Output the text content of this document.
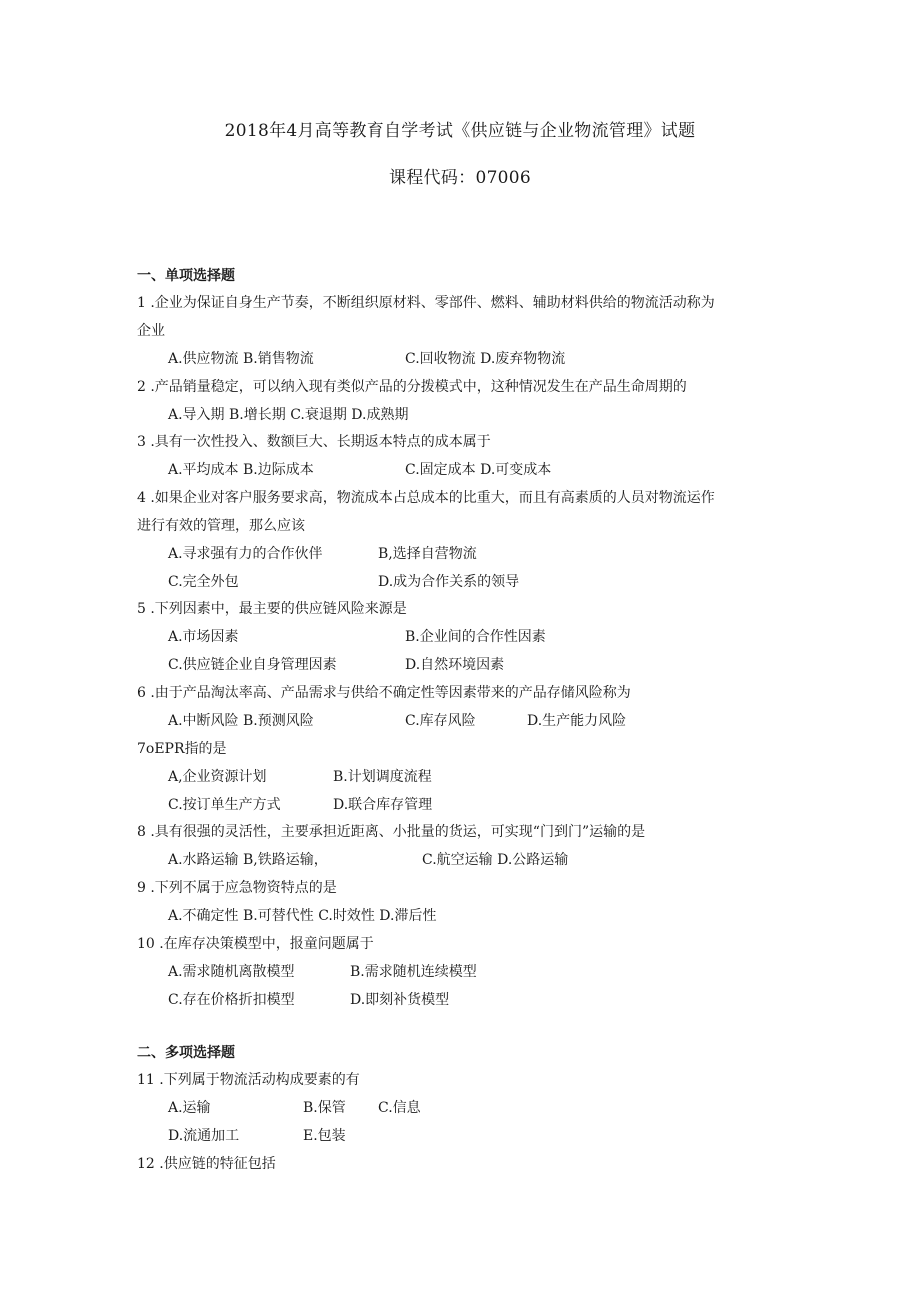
2018年4月高等教育自学考试《供应链与企业物流管理》试题
课程代码：07006
一、单项选择题
1 .企业为保证自身生产节奏，不断组织原材料、零部件、燃料、辅助材料供给的物流活动称为
企业
A.供应物流 B.销售物流	C.回收物流 D.废弃物物流
2 .产品销量稳定，可以纳入现有类似产品的分拨模式中，这种情况发生在产品生命周期的
A.导入期 B.增长期 C.衰退期 D.成熟期
3 .具有一次性投入、数额巨大、长期返本特点的成本属于
A.平均成本 B.边际成本	C.固定成本 D.可变成本
4 .如果企业对客户服务要求高，物流成本占总成本的比重大，而且有高素质的人员对物流运作
进行有效的管理，那么应该
A.寻求强有力的合作伙伴	B,选择自营物流
C.完全外包	D.成为合作关系的领导
5 .下列因素中，最主要的供应链风险来源是
A.市场因素	B.企业间的合作性因素
C.供应链企业自身管理因素	D.自然环境因素
6 .由于产品淘汰率高、产品需求与供给不确定性等因素带来的产品存储风险称为
A.中断风险 B.预测风险	C.库存风险	D.生产能力风险
7oEPR指的是
A,企业资源计划	B.计划调度流程
C.按订单生产方式	D.联合库存管理
8 .具有很强的灵活性，主要承担近距离、小批量的货运，可实现“门到门”运输的是
A.水路运输 B,铁路运输，	C.航空运输 D.公路运输
9 .下列不属于应急物资特点的是
A.不确定性 B.可替代性 C.时效性 D.滞后性
10 .在库存决策模型中，报童问题属于
A.需求随机离散模型	B.需求随机连续模型
C.存在价格折扣模型	D.即刻补货模型
二、多项选择题
11 .下列属于物流活动构成要素的有
A.运输	B.保管 C.信息
D.流通加工	E.包装
12 .供应链的特征包括
